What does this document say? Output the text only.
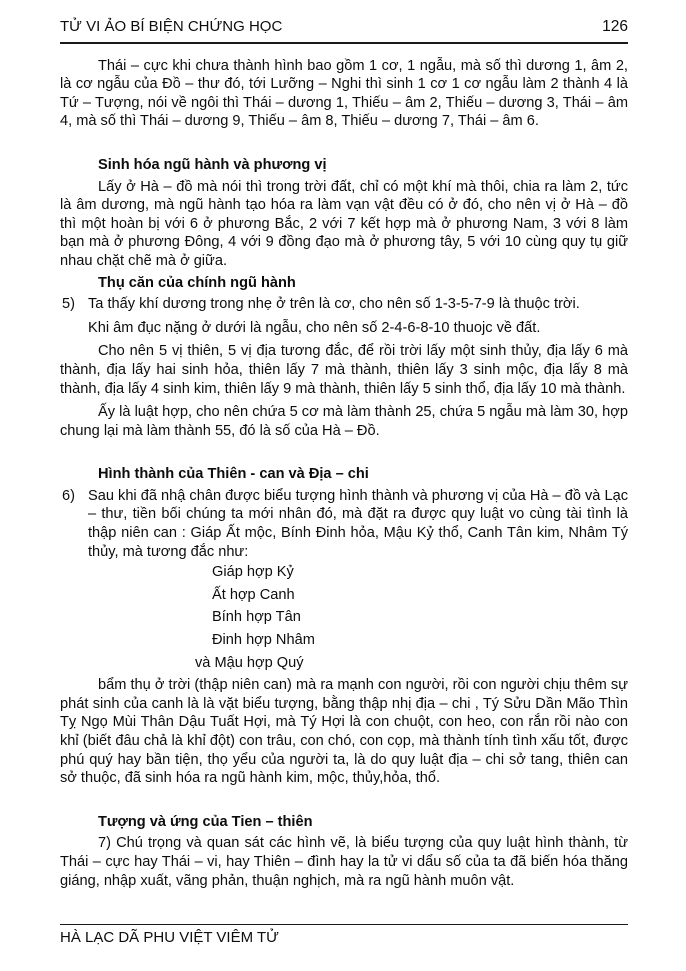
TỬ VI ẢO BÍ BIỆN CHỨNG HỌC	126

Thái – cực khi chưa thành hình bao gồm 1 cơ, 1 ngẫu, mà số thì dương 1, âm 2, là cơ ngẫu của Đồ – thư đó, tới Lưỡng – Nghi thì sinh 1 cơ 1 cơ ngẫu làm 2 thành 4 là Tứ – Tượng, nói về ngôi thì Thái – dương 1, Thiếu – âm 2, Thiếu – dương 3, Thái – âm 4, mà số thì Thái – dương 9, Thiếu – âm 8, Thiếu – dương 7, Thái – âm 6.

Sinh hóa ngũ hành và phương vị

Lấy ở Hà – đồ mà nói thì trong trời đất, chỉ có một khí mà thôi, chia ra làm 2, tức là âm dương, mà ngũ hành tạo hóa ra làm vạn vật đều có ở đó, cho nên vị ở Hà – đồ thì một hoàn bị với 6 ở phương Bắc, 2 với 7 kết hợp mà ở phương Nam, 3 với 8 làm bạn mà ở phương Đông, 4 với 9 đồng đạo mà ở phương tây, 5 với 10 cùng quy tụ giữ nhau chặt chẽ mà ở giữa.

Thụ căn của chính ngũ hành

5) Ta thấy khí dương trong nhẹ ở trên là cơ, cho nên số 1-3-5-7-9 là thuộc trời.

Khi âm đục nặng ở dưới là ngẫu, cho nên số 2-4-6-8-10 thuojc về đất.

Cho nên 5 vị thiên, 5 vị địa tương đắc, để rồi trời lấy một sinh thủy, địa lấy 6 mà thành, địa lấy hai sinh hỏa, thiên lấy 7 mà thành, thiên lấy 3 sinh mộc, địa lấy 8 mà thành, địa lấy 4 sinh kim, thiên lấy 9 mà thành, thiên lấy 5 sinh thổ, địa lấy 10 mà thành.

Ấy là luật hợp, cho nên chứa 5 cơ mà làm thành 25, chứa 5 ngẫu mà làm 30, hợp chung lại mà làm thành 55, đó là số của Hà – Đồ.

Hình thành của Thiên - can và Địa – chi

6) Sau khi đã nhậ chân được biểu tượng hình thành và phương vị của Hà – đồ và Lạc – thư, tiền bối chúng ta mới nhân đó, mà đặt ra được quy luật vo cùng tài tình là thập niên can : Giáp Ất mộc, Bính Đinh hỏa, Mậu Kỷ thổ, Canh Tân kim, Nhâm Tý thủy, mà tương đắc như:
Giáp hợp Kỷ
Ất hợp Canh
Bính hợp Tân
Đinh hợp Nhâm
và Mậu hợp Quý

bẩm thụ ở trời (thập niên can) mà ra mạnh con người, rồi con người chịu thêm sự phát sinh của canh là là vặt biểu tượng, bằng thập nhị địa – chi , Tý Sửu Dần Mão Thìn Tỵ Ngọ Mùi Thân Dậu Tuất Hợi, mà Tý Hợi là con chuột, con heo, con rắn rồi nào con khỉ (biết đâu chả là khỉ đột) con trâu, con chó, con cọp, mà thành tính tình xấu tốt, được phú quý hay bần tiện, thọ yểu của người ta, là do quy luật địa – chi sở tang, thiên can sở thuộc, đã sinh hóa ra ngũ hành kim, mộc, thủy,hỏa, thổ.

Tượng và ứng của Tien – thiên

7) Chú trọng và quan sát các hình vẽ, là biểu tượng của quy luật hình thành, từ Thái – cực hay Thái – vi, hay Thiên – đình hay la tử vi dẩu số của ta đã biến hóa thăng giáng, nhập xuất, vãng phản, thuận nghịch, mà ra ngũ hành muôn vật.

HÀ LẠC DÃ PHU VIỆT VIÊM TỬ
